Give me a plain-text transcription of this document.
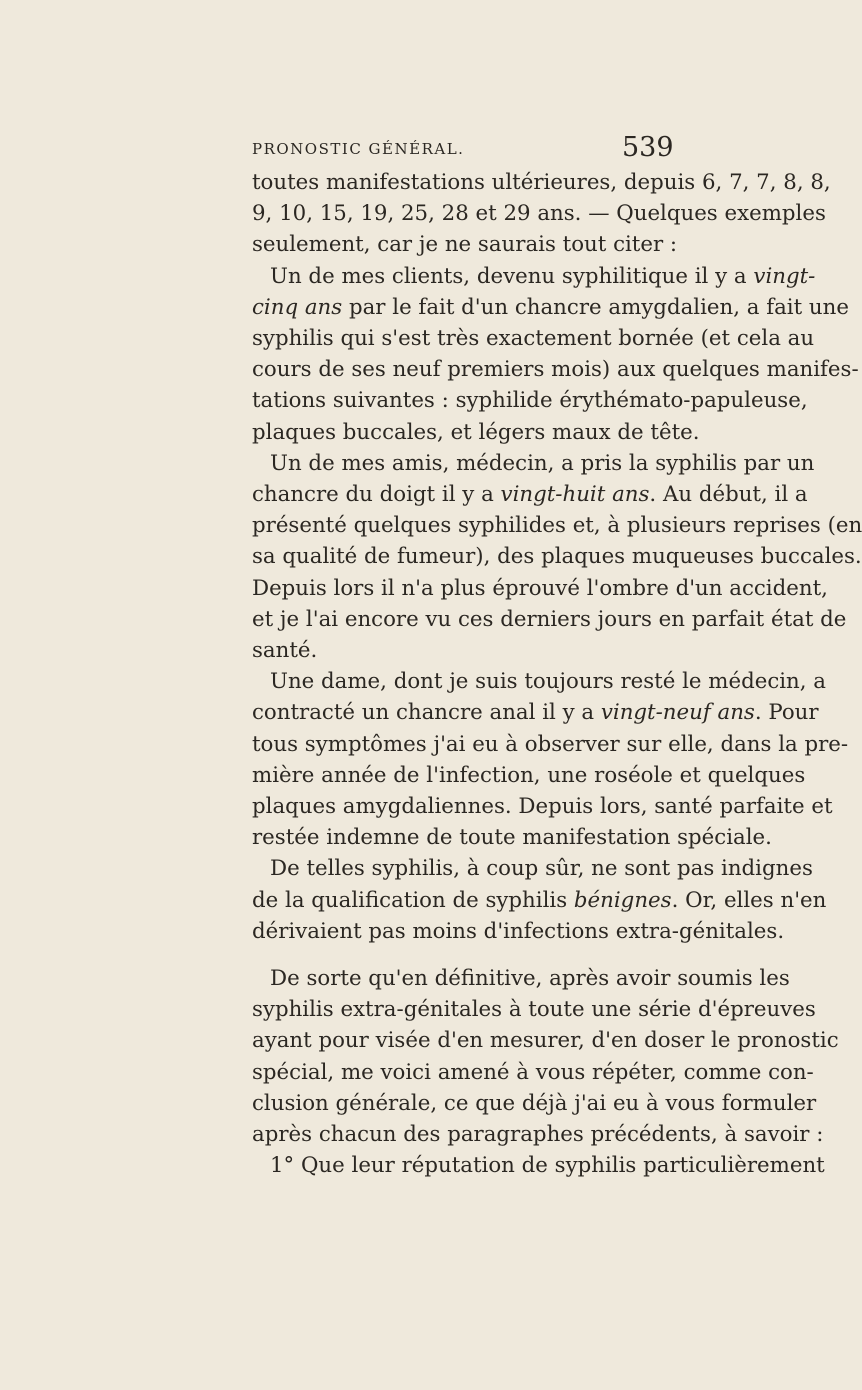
PRONOSTIC GÉNÉRAL.	539

toutes manifestations ultérieures, depuis 6, 7, 7, 8, 8,
9, 10, 15, 19, 25, 28 et 29 ans. — Quelques exemples
seulement, car je ne saurais tout citer :

Un de mes clients, devenu syphilitique il y a vingt-
cinq ans par le fait d'un chancre amygdalien, a fait une
syphilis qui s'est très exactement bornée (et cela au
cours de ses neuf premiers mois) aux quelques manifes-
tations suivantes : syphilide érythémato-papuleuse,
plaques buccales, et légers maux de tête.

Un de mes amis, médecin, a pris la syphilis par un
chancre du doigt il y a vingt-huit ans. Au début, il a
présenté quelques syphilides et, à plusieurs reprises (en
sa qualité de fumeur), des plaques muqueuses buccales.
Depuis lors il n'a plus éprouvé l'ombre d'un accident,
et je l'ai encore vu ces derniers jours en parfait état de
santé.

Une dame, dont je suis toujours resté le médecin, a
contracté un chancre anal il y a vingt-neuf ans. Pour
tous symptômes j'ai eu à observer sur elle, dans la pre-
mière année de l'infection, une roséole et quelques
plaques amygdaliennes. Depuis lors, santé parfaite et
restée indemne de toute manifestation spéciale.

De telles syphilis, à coup sûr, ne sont pas indignes
de la qualification de syphilis bénignes. Or, elles n'en
dérivaient pas moins d'infections extra-génitales.

De sorte qu'en définitive, après avoir soumis les
syphilis extra-génitales à toute une série d'épreuves
ayant pour visée d'en mesurer, d'en doser le pronostic
spécial, me voici amené à vous répéter, comme con-
clusion générale, ce que déjà j'ai eu à vous formuler
après chacun des paragraphes précédents, à savoir :

1° Que leur réputation de syphilis particulièrement
